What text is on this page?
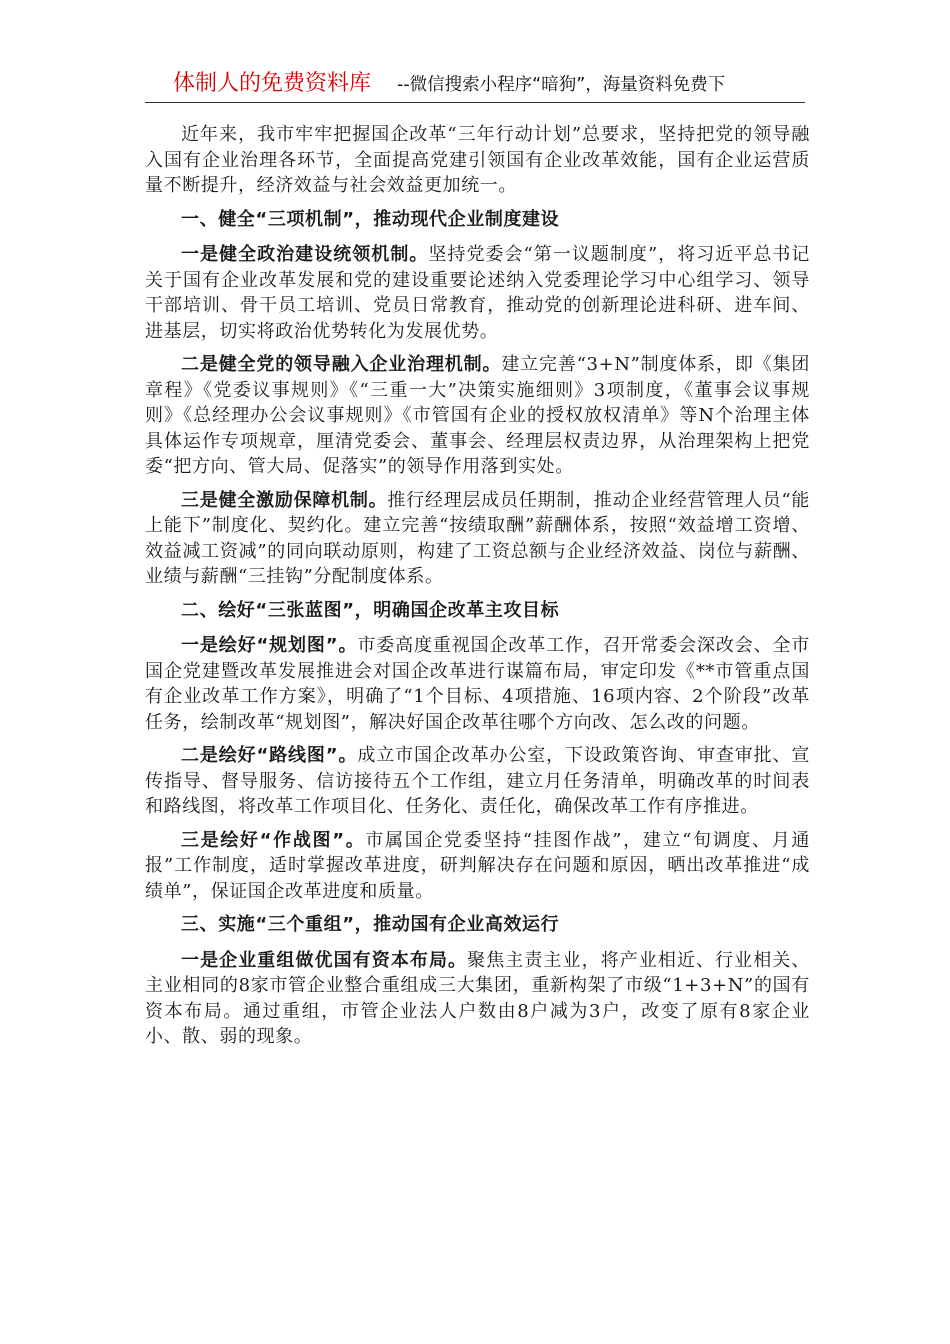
体制人的免费资料库 --微信搜索小程序“暗狗”，海量资料免费下

近年来，我市牢牢把握国企改革“三年行动计划”总要求，坚持把党的领导融入国有企业治理各环节，全面提高党建引领国有企业改革效能，国有企业运营质量不断提升，经济效益与社会效益更加统一。

一、健全“三项机制”，推动现代企业制度建设

一是健全政治建设统领机制。坚持党委会“第一议题制度”，将习近平总书记关于国有企业改革发展和党的建设重要论述纳入党委理论学习中心组学习、领导干部培训、骨干员工培训、党员日常教育，推动党的创新理论进科研、进车间、进基层，切实将政治优势转化为发展优势。

二是健全党的领导融入企业治理机制。建立完善“3+N”制度体系，即《集团章程》《党委议事规则》《“三重一大”决策实施细则》3项制度，《董事会议事规则》《总经理办公会议事规则》《市管国有企业的授权放权清单》等N个治理主体具体运作专项规章，厘清党委会、董事会、经理层权责边界，从治理架构上把党委“把方向、管大局、促落实”的领导作用落到实处。

三是健全激励保障机制。推行经理层成员任期制，推动企业经营管理人员“能上能下”制度化、契约化。建立完善“按绩取酬”薪酬体系，按照“效益增工资增、效益减工资减”的同向联动原则，构建了工资总额与企业经济效益、岗位与薪酬、业绩与薪酬“三挂钩”分配制度体系。

二、绘好“三张蓝图”，明确国企改革主攻目标

一是绘好“规划图”。市委高度重视国企改革工作，召开常委会深改会、全市国企党建暨改革发展推进会对国企改革进行谋篇布局，审定印发《**市管重点国有企业改革工作方案》，明确了“1个目标、4项措施、16项内容、2个阶段”改革任务，绘制改革“规划图”，解决好国企改革往哪个方向改、怎么改的问题。

二是绘好“路线图”。成立市国企改革办公室，下设政策咨询、审查审批、宣传指导、督导服务、信访接待五个工作组，建立月任务清单，明确改革的时间表和路线图，将改革工作项目化、任务化、责任化，确保改革工作有序推进。

三是绘好“作战图”。市属国企党委坚持“挂图作战”，建立“旬调度、月通报”工作制度，适时掌握改革进度，研判解决存在问题和原因，晒出改革推进“成绩单”，保证国企改革进度和质量。

三、实施“三个重组”，推动国有企业高效运行

一是企业重组做优国有资本布局。聚焦主责主业，将产业相近、行业相关、主业相同的8家市管企业整合重组成三大集团，重新构架了市级“1+3+N”的国有资本布局。通过重组，市管企业法人户数由8户减为3户，改变了原有8家企业小、散、弱的现象。
